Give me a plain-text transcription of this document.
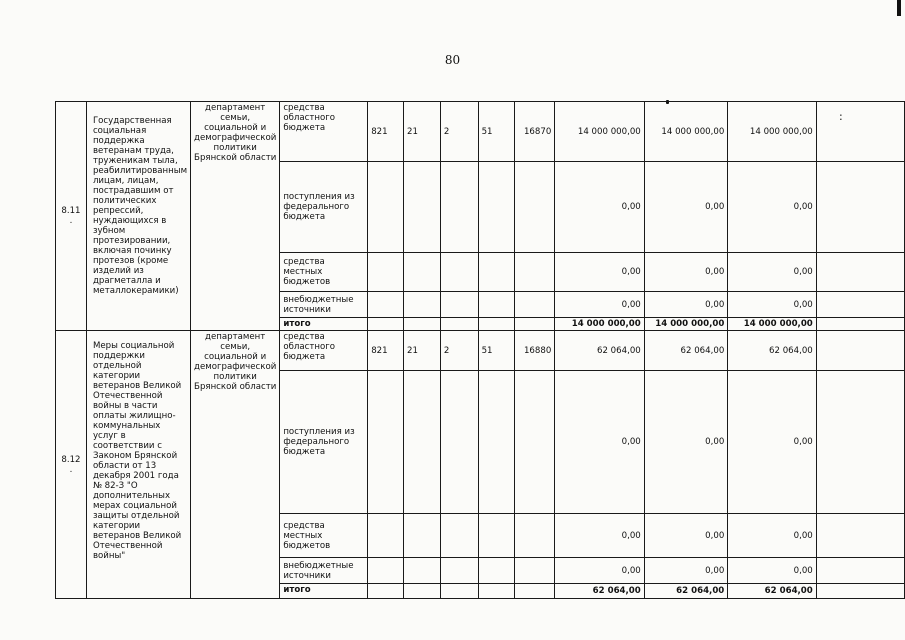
80
:
8.11 .	Государственная социальная поддержка ветеранам труда, труженикам тыла, реабилитированным лицам, лицам, пострадавшим от политических репрессий, нуждающихся в зубном протезировании, включая починку протезов (кроме изделий из драгметалла и металлокерамики)	департамент семьи, социальной и демографической политики Брянской области	средства областного бюджета	821	21	2	51	16870	14 000 000,00	14 000 000,00	14 000 000,00	
			поступления из федерального бюджета						0,00	0,00	0,00	
			средства местных бюджетов						0,00	0,00	0,00	
			внебюджетные источники						0,00	0,00	0,00	
			итого						14 000 000,00	14 000 000,00	14 000 000,00	
8.12 .	Меры социальной поддержки отдельной категории ветеранов Великой Отечественной войны в части оплаты жилищно-коммунальных услуг в соответствии с Законом Брянской области от 13 декабря 2001 года № 82-З "О дополнительных мерах социальной защиты отдельной категории ветеранов Великой Отечественной войны"	департамент семьи, социальной и демографической политики Брянской области	средства областного бюджета	821	21	2	51	16880	62 064,00	62 064,00	62 064,00	
			поступления из федерального бюджета						0,00	0,00	0,00	
			средства местных бюджетов						0,00	0,00	0,00	
			внебюджетные источники						0,00	0,00	0,00	
			итого						62 064,00	62 064,00	62 064,00	
